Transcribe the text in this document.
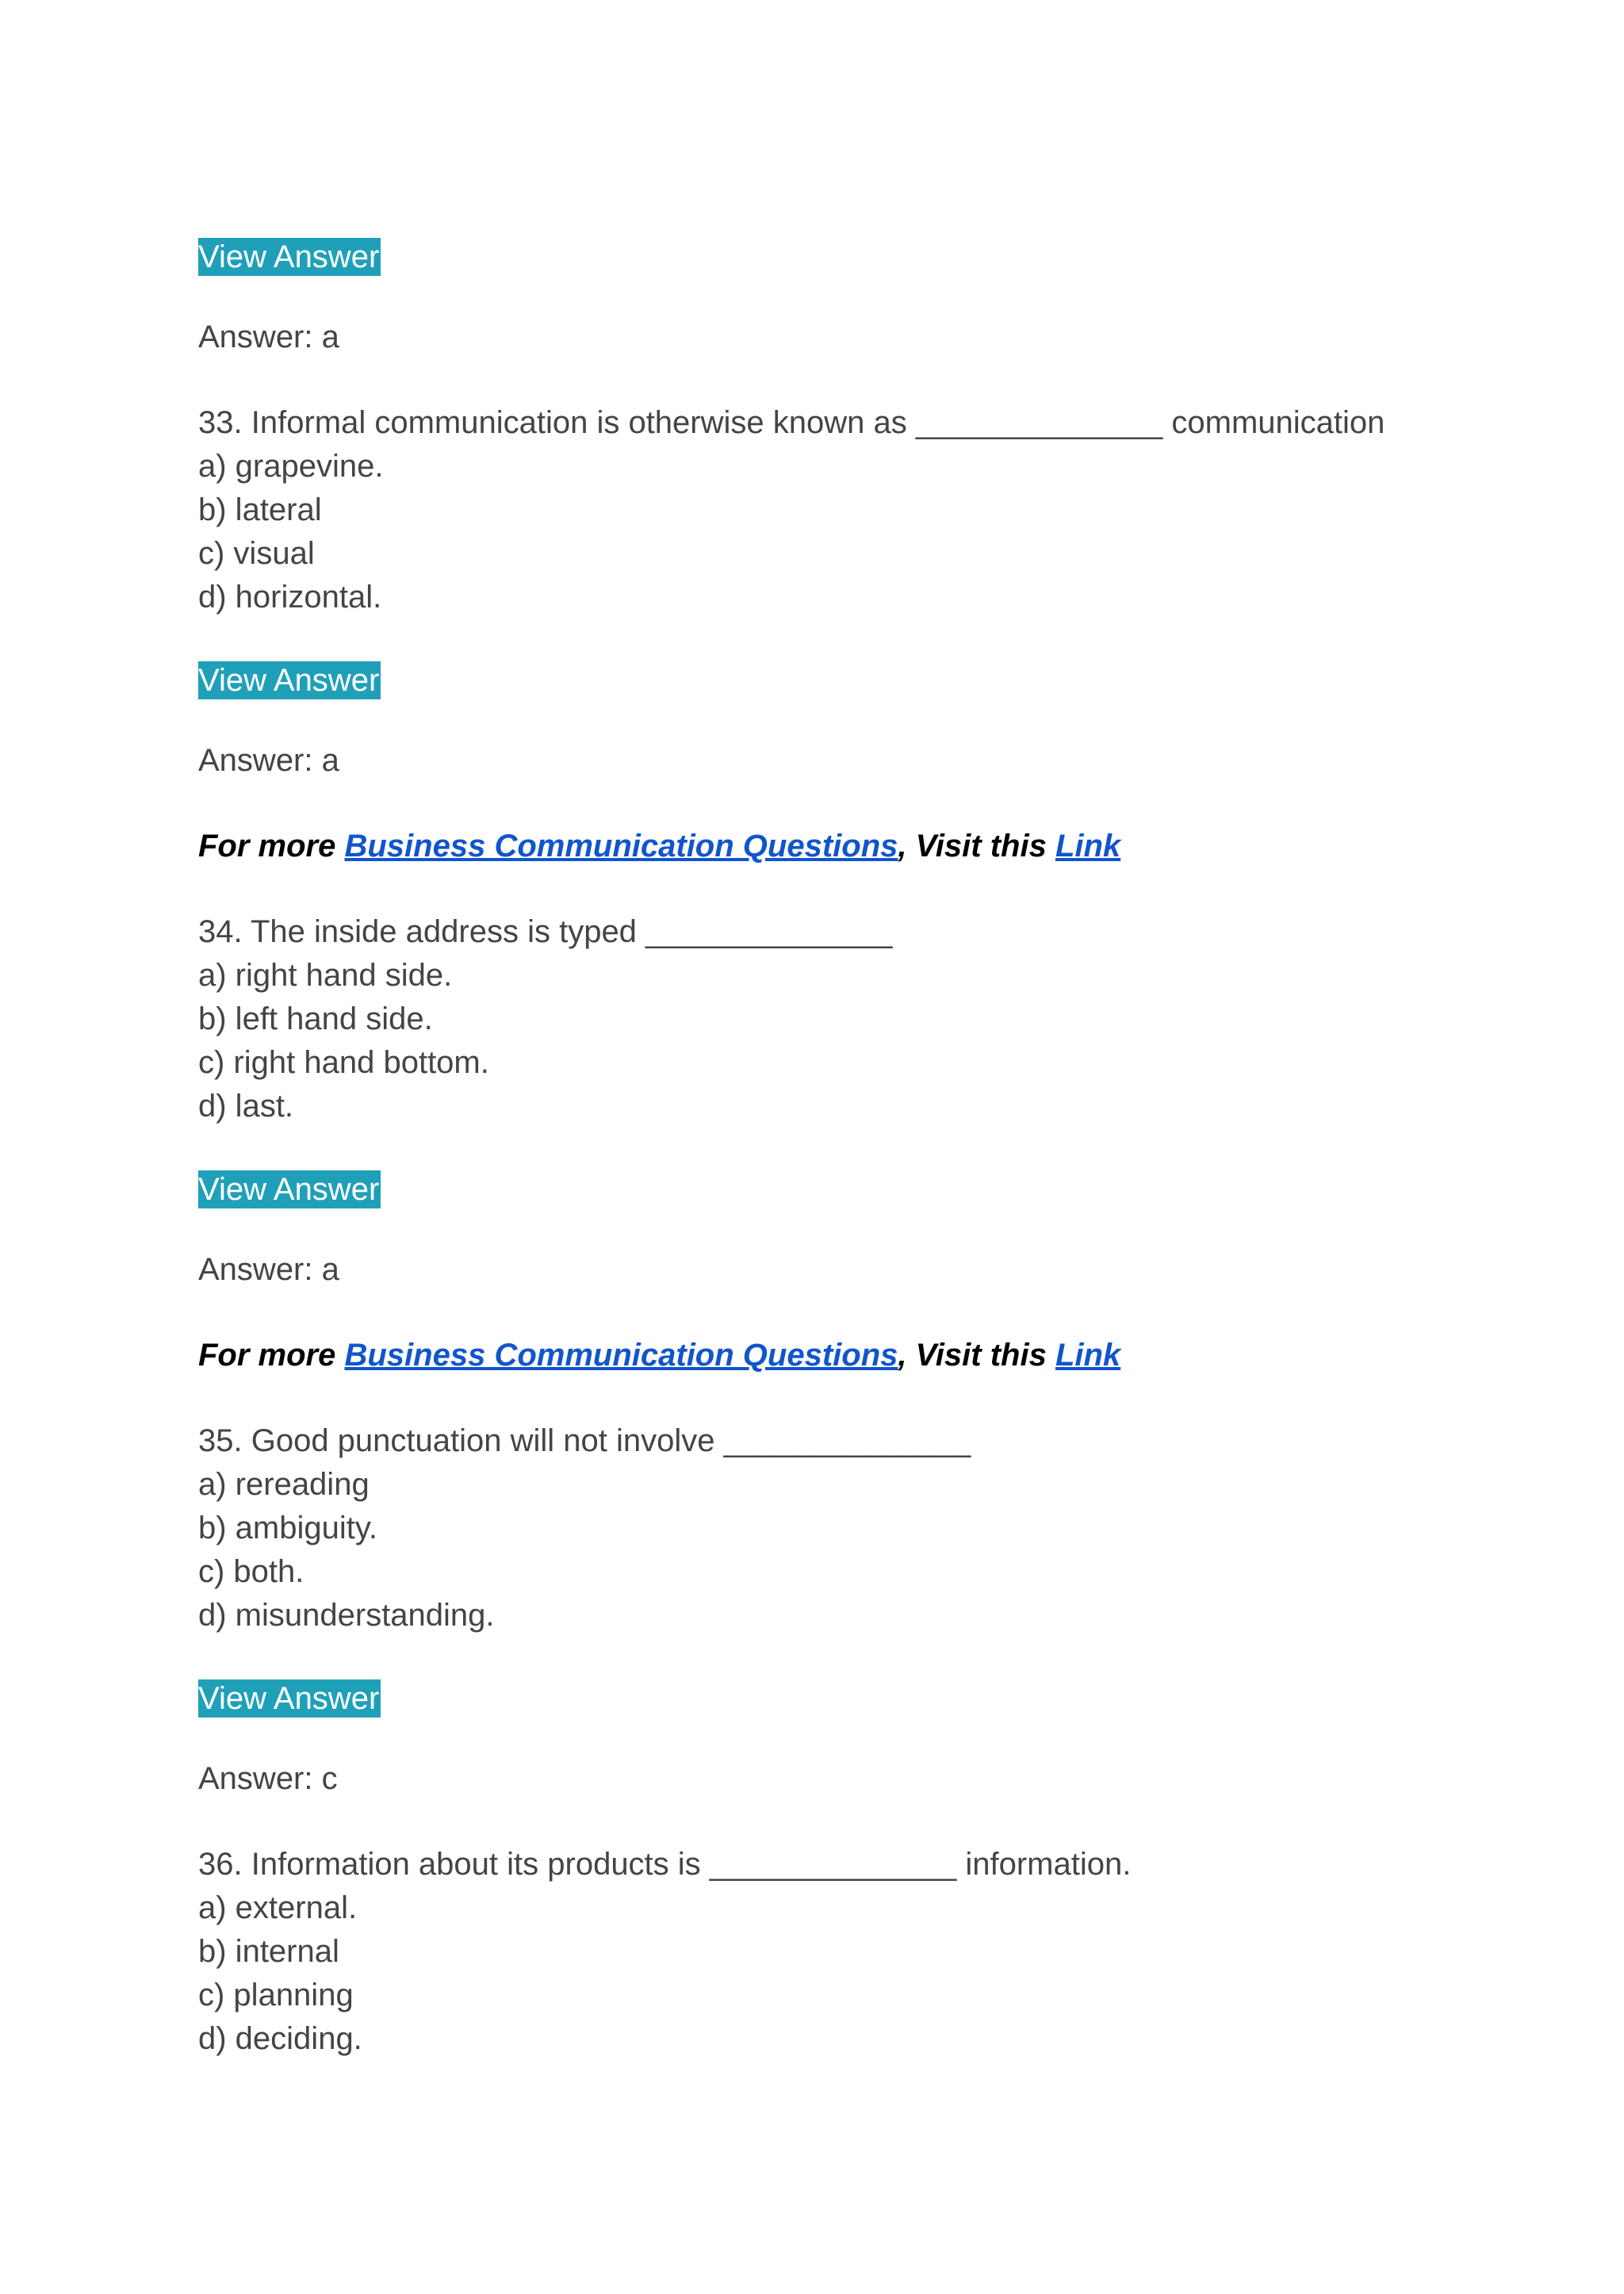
View Answer
Answer: a
33. Informal communication is otherwise known as ______________ communication
a) grapevine.
b) lateral
c) visual
d) horizontal.
View Answer
Answer: a
For more Business Communication Questions, Visit this Link
34. The inside address is typed ______________
a) right hand side.
b) left hand side.
c) right hand bottom.
d) last.
View Answer
Answer: a
For more Business Communication Questions, Visit this Link
35. Good punctuation will not involve ______________
a) rereading
b) ambiguity.
c) both.
d) misunderstanding.
View Answer
Answer: c
36. Information about its products is ______________ information.
a) external.
b) internal
c) planning
d) deciding.
